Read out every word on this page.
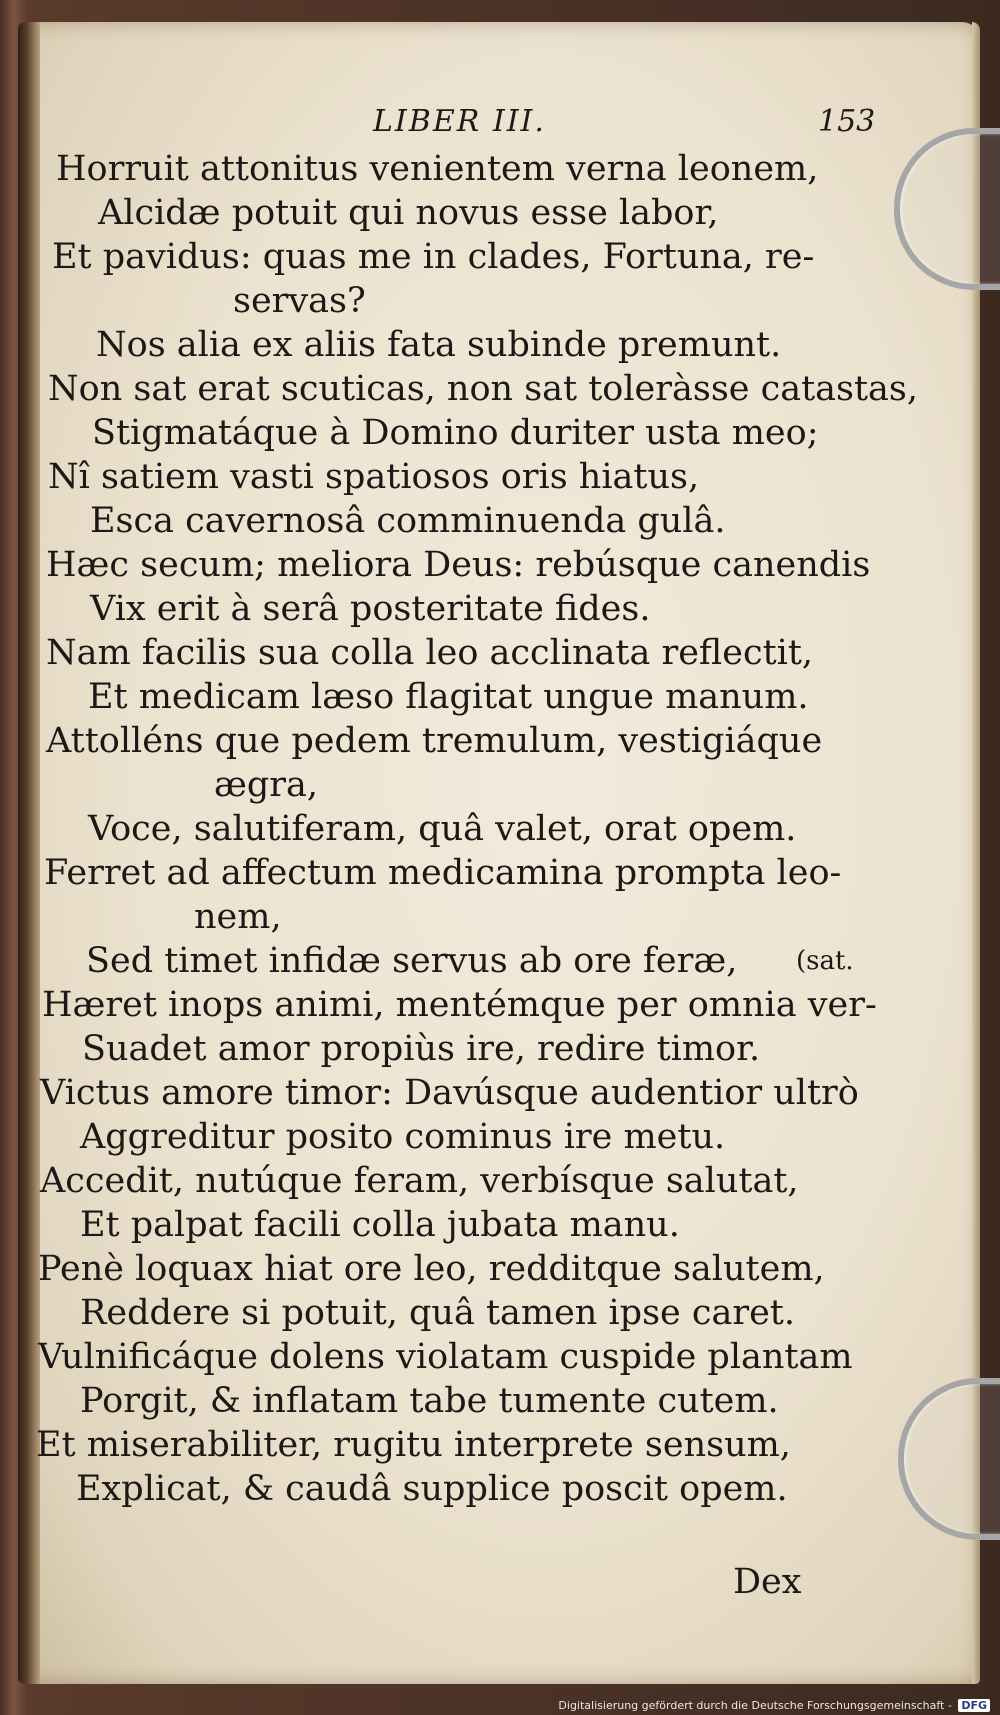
LIBER III.	153
Horruit attonitus venientem verna leonem,
Alcidæ potuit qui novus esse labor,
Et pavidus: quas me in clades, Fortuna, re-
servas?
Nos alia ex aliis fata subinde premunt.
Non sat erat scuticas, non sat toleràsse catastas,
Stigmatáque à Domino duriter usta meo;
Nî satiem vasti spatiosos oris hiatus,
Esca cavernosâ comminuenda gulâ.
Hæc secum; meliora Deus: rebúsque canendis
Vix erit à serâ posteritate fides.
Nam facilis sua colla leo acclinata reflectit,
Et medicam læso flagitat ungue manum.
Attolléns que pedem tremulum, vestigiáque
ægra,
Voce, salutiferam, quâ valet, orat opem.
Ferret ad affectum medicamina prompta leo-
nem,
Sed timet infidæ servus ab ore feræ,
Hæret inops animi, mentémque per omnia ver-
Suadet amor propiùs ire, redire timor.
Victus amore timor: Davúsque audentior ultrò
Aggreditur posito cominus ire metu.
Accedit, nutúque feram, verbísque salutat,
Et palpat facili colla jubata manu.
Penè loquax hiat ore leo, redditque salutem,
Reddere si potuit, quâ tamen ipse caret.
Vulnificáque dolens violatam cuspide plantam
Porgit, & inflatam tabe tumente cutem.
Et miserabiliter, rugitu interprete sensum,
Explicat, & caudâ supplice poscit opem.
(sat.
Dex
Digitalisierung gefördert durch die Deutsche Forschungsgemeinschaft - DFG
